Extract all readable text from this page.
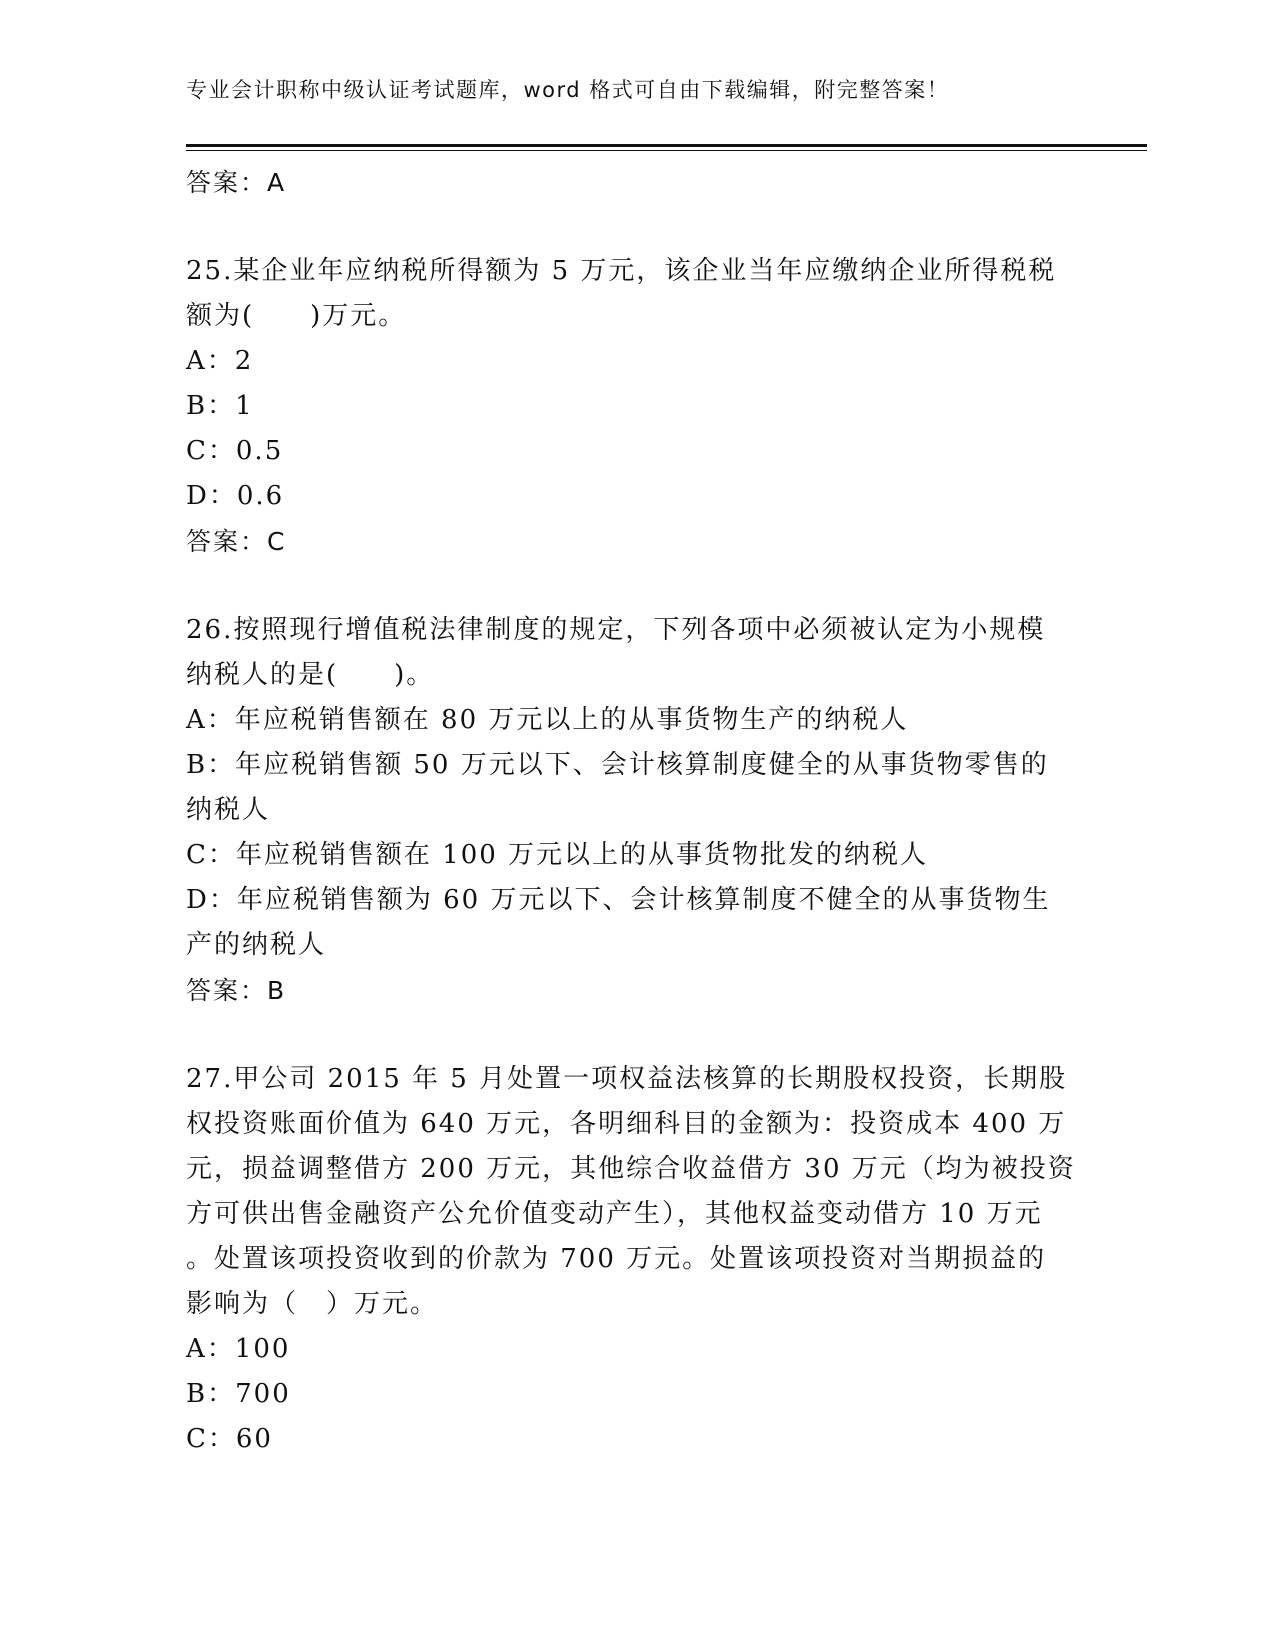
专业会计职称中级认证考试题库，word 格式可自由下载编辑，附完整答案！
答案：A
25.某企业年应纳税所得额为 5 万元，该企业当年应缴纳企业所得税税
额为(　　)万元。
A：2
B：1
C：0.5
D：0.6
答案：C
26.按照现行增值税法律制度的规定，下列各项中必须被认定为小规模
纳税人的是(　　)。
A：年应税销售额在 80 万元以上的从事货物生产的纳税人
B：年应税销售额 50 万元以下、会计核算制度健全的从事货物零售的
纳税人
C：年应税销售额在 100 万元以上的从事货物批发的纳税人
D：年应税销售额为 60 万元以下、会计核算制度不健全的从事货物生
产的纳税人
答案：B
27.甲公司 2015 年 5 月处置一项权益法核算的长期股权投资，长期股
权投资账面价值为 640 万元，各明细科目的金额为：投资成本 400 万
元，损益调整借方 200 万元，其他综合收益借方 30 万元（均为被投资
方可供出售金融资产公允价值变动产生），其他权益变动借方 10 万元
。处置该项投资收到的价款为 700 万元。处置该项投资对当期损益的
影响为（　）万元。
A：100
B：700
C：60
